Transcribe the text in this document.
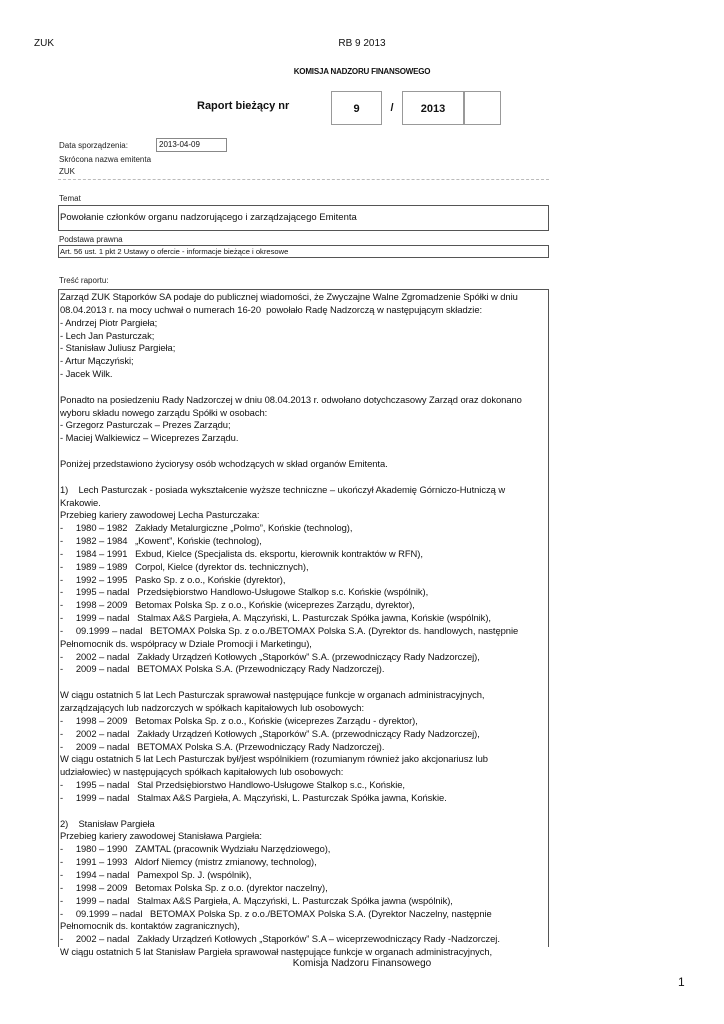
ZUK	RB 9 2013
KOMISJA NADZORU FINANSOWEGO
Raport bieżący nr	9	/	2013
Data sporządzenia:	2013-04-09
Skrócona nazwa emitenta
ZUK
Temat
Powołanie członków organu nadzorującego i zarządzającego Emitenta
Podstawa prawna
Art. 56 ust. 1 pkt 2 Ustawy o ofercie - informacje bieżące i okresowe
Treść raportu:

Zarząd ZUK Stąporków SA podaje do publicznej wiadomości, że Zwyczajne Walne Zgromadzenie Spółki w dniu

08.04.2013 r. na mocy uchwał o numerach 16-20  powołało Radę Nadzorczą w następującym składzie:

- Andrzej Piotr Pargieła;

- Lech Jan Pasturczak;

- Stanisław Juliusz Pargieła;

- Artur Mączyński;

- Jacek Wilk.

Ponadto na posiedzeniu Rady Nadzorczej w dniu 08.04.2013 r. odwołano dotychczasowy Zarząd oraz dokonano

wyboru składu nowego zarządu Spółki w osobach:

- Grzegorz Pasturczak – Prezes Zarządu;

- Maciej Walkiewicz – Wiceprezes Zarządu.

Poniżej przedstawiono życiorysy osób wchodzących w skład organów Emitenta.

1)    Lech Pasturczak - posiada wykształcenie wyższe techniczne – ukończył Akademię Górniczo-Hutniczą w

Krakowie.

Przebieg kariery zawodowej Lecha Pasturczaka:

-     1980 – 1982   Zakłady Metalurgiczne „Polmo”, Końskie (technolog),

-     1982 – 1984   „Kowent”, Końskie (technolog),

-     1984 – 1991   Exbud, Kielce (Specjalista ds. eksportu, kierownik kontraktów w RFN),

-     1989 – 1989   Corpol, Kielce (dyrektor ds. technicznych),

-     1992 – 1995   Pasko Sp. z o.o., Końskie (dyrektor),

-     1995 – nadal   Przedsiębiorstwo Handlowo-Usługowe Stalkop s.c. Końskie (wspólnik),

-     1998 – 2009   Betomax Polska Sp. z o.o., Końskie (wiceprezes Zarządu, dyrektor),

-     1999 – nadal   Stalmax A&S Pargieła, A. Mączyński, L. Pasturczak Spółka jawna, Końskie (wspólnik),

-     09.1999 – nadal   BETOMAX Polska Sp. z o.o./BETOMAX Polska S.A. (Dyrektor ds. handlowych, następnie

Pełnomocnik ds. współpracy w Dziale Promocji i Marketingu),

-     2002 – nadal   Zakłady Urządzeń Kotłowych „Stąporków” S.A. (przewodniczący Rady Nadzorczej),

-     2009 – nadal   BETOMAX Polska S.A. (Przewodniczący Rady Nadzorczej).

W ciągu ostatnich 5 lat Lech Pasturczak sprawował następujące funkcje w organach administracyjnych,

zarządzających lub nadzorczych w spółkach kapitałowych lub osobowych:

-     1998 – 2009   Betomax Polska Sp. z o.o., Końskie (wiceprezes Zarządu - dyrektor),

-     2002 – nadal   Zakłady Urządzeń Kotłowych „Stąporków” S.A. (przewodniczący Rady Nadzorczej),

-     2009 – nadal   BETOMAX Polska S.A. (Przewodniczący Rady Nadzorczej).

W ciągu ostatnich 5 lat Lech Pasturczak był/jest wspólnikiem (rozumianym również jako akcjonariusz lub

udziałowiec) w następujących spółkach kapitałowych lub osobowych:

-     1995 – nadal   Stal Przedsiębiorstwo Handlowo-Usługowe Stalkop s.c., Końskie,

-     1999 – nadal   Stalmax A&S Pargieła, A. Mączyński, L. Pasturczak Spółka jawna, Końskie.

2)    Stanisław Pargieła

Przebieg kariery zawodowej Stanisława Pargieła:

-     1980 – 1990   ZAMTAL (pracownik Wydziału Narzędziowego),

-     1991 – 1993   Aldorf Niemcy (mistrz zmianowy, technolog),

-     1994 – nadal   Pamexpol Sp. J. (wspólnik),

-     1998 – 2009   Betomax Polska Sp. z o.o. (dyrektor naczelny),

-     1999 – nadal   Stalmax A&S Pargieła, A. Mączyński, L. Pasturczak Spółka jawna (wspólnik),

-     09.1999 – nadal   BETOMAX Polska Sp. z o.o./BETOMAX Polska S.A. (Dyrektor Naczelny, następnie

Pełnomocnik ds. kontaktów zagranicznych),

-     2002 – nadal   Zakłady Urządzeń Kotłowych „Stąporków” S.A – wiceprzewodniczący Rady -Nadzorczej.

W ciągu ostatnich 5 lat Stanisław Pargieła sprawował następujące funkcje w organach administracyjnych,

Komisja Nadzoru Finansowego
1
